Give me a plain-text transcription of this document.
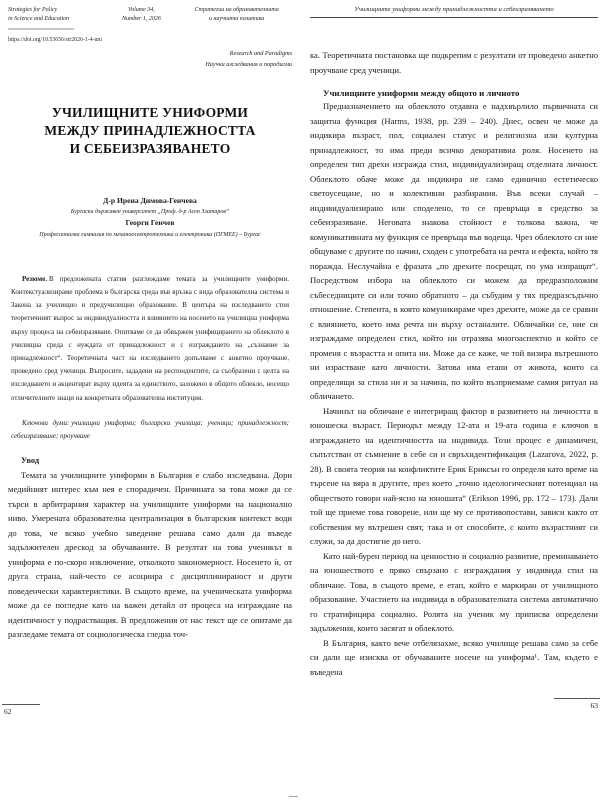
Strategies for Policy
in Science and Education
Volume 34,
Number 1, 2026
Стратегии на образователната
и научната политика
https://doi.org/10.53656/str2026-1-4-uni
Research and Paradigms
Научни изследвания и парадигми
УЧИЛИЩНИТЕ УНИФОРМИ
МЕЖДУ ПРИНАДЛЕЖНОСТТА
И СЕБЕИЗРАЗЯВАНЕТО
Д-р Ирена Димова-Генчева
Бургаски държавен университет „Проф. д-р Асен Златаров“
Георги Генчев
Професионална гимназия по механоелектротехника и електроника (ПГМЕЕ) – Бургас

Резюме. В предложената статия разглеждаме темата за училищните униформи. Контекстуализираме проблема в българска среда във връзка с вида образователна система и Закона за училищно и предучилищно образование. В центъра на изследването стои теоретичният въпрос за индивидуалността и влиянието на носенето на училищна униформа върху процеса на себеизразяване. Опитваме се да обвържем унифицирането на облеклото в училищна среда с нуждата от принадлежност и с изграждането на „съзнание за принадлежност“. Теоретичната част на изследването допълваме с анкетно проучване, проведено сред ученици. Въпросите, зададени на респондентите, са съобразени с целта на изследването и акцентират върху идеята за единството, заложено в общото облекло, носещо отличителните знаци на конкретната образователна институция.

Ключови думи: училищни униформи; български училища; ученици; принадлежност; себеизразяване; проучване

Увод

Темата за училищните униформи в България е слабо изследвана. Дори медийният интерес към нея е спорадичен. Причината за това може да се търси в арбитрарния характер на училищните униформи на национално ниво. Умерената образователна централизация в българския контекст води до това, че всяко учебно заведение решава само дали да въведе задължителен дрескод за обучаваните. В резултат на това ученикът в униформа е по-скоро изключение, отколкото закономерност. Носенето ѝ, от друга страна, най-често се асоциира с дисциплинираност и други поведенчески характеристики. В същото време, на ученическата униформа може да се погледне като на важен детайл от процеса на изграждане на идентичност у подрастващия. В предложения от нас текст ще се опитаме да разгледаме темата от социологическа гледна точ-

62
Училищните униформи между принадлежността и себеизразяването

ка. Теоретичната постановка ще подкрепим с резултати от проведено анкетно проучване сред ученици.

Училищните униформи между общото и личното

Предназначението на облеклото отдавна е надхвърлило първичната си защитна функция (Harms, 1938, pp. 239 – 240). Днес, освен че може да индикира възраст, пол, социален статус и религиозна или културна принадлежност, то има преди всичко декоративна роля. Носенето на определен тип дрехи изгражда стил, индивидуализиращ отделната личност. Облеклото обаче може да индикира не само единично естетическо светоусещане, но и колективни разбирания. Във всеки случай – индивидуализирано или споделено, то се превръща в средство за себеизразяване. Неговата знакова стойност е толкова важна, че комуникативната му функция се превръща във водеща. Чрез облеклото си ние общуваме с другите по начин, сходен с употребата на речта и ефекта, който тя поражда. Неслучайна е фразата „по дрехите посрещат, по ума изпращат“. Посредством избора на облеклото си можем да предразположим събеседниците си или точно обратното – да събудим у тях предразсъдъчно отношение. Степента, в която комуникираме чрез дрехите, може да се сравни с влиянието, което има речта ни върху останалите. Обличайки се, ние си изграждаме определен стил, който ни отразява многоаспектно и който се променя с възрастта и опита ни. Може да се каже, че той визира вътрешното ни израстване като личности. Затова има етапи от живота, които са определящи за стила ни и за начина, по който възприемаме самия ритуал на обличането.

Начинът на обличане е интегриращ фактор в развитието на личността в юношеска възраст. Периодът между 12-ата и 19-ата година е ключов в изграждането на идентичността на индивида. Този процес е динамичен, съпътстван от съмнение в себе си и свръхидентификация (Lazarova, 2022, p. 28). В своята теория на конфликтите Ерик Ериксън го определя като време на търсене на вяра в другите, през което „точно идеологическият потенциал на обществото говори най-ясно на юношата“ (Erikson 1996, pp. 172 – 173). Дали той ще приеме това говорене, или ще му се противопостави, зависи както от собствения му вътрешен свят, така и от способите, с които възрастният си служи, за да достигне до него.

Като най-бурен период на ценностно и социално развитие, преминаването на юношеството е пряко свързано с изграждания у индивида стил на обличане. Това, в същото време, е етап, който е маркиран от училищното образование. Участието на индивида в образователната система автоматично го стратифицира социално. Ролята на ученик му приписва определени задължения, които засягат и облеклото.

В България, както вече отбелязахме, всяко училище решава само за себе си дали ще изисква от обучаваните носене на униформа¹. Там, където е въведена

63
—
